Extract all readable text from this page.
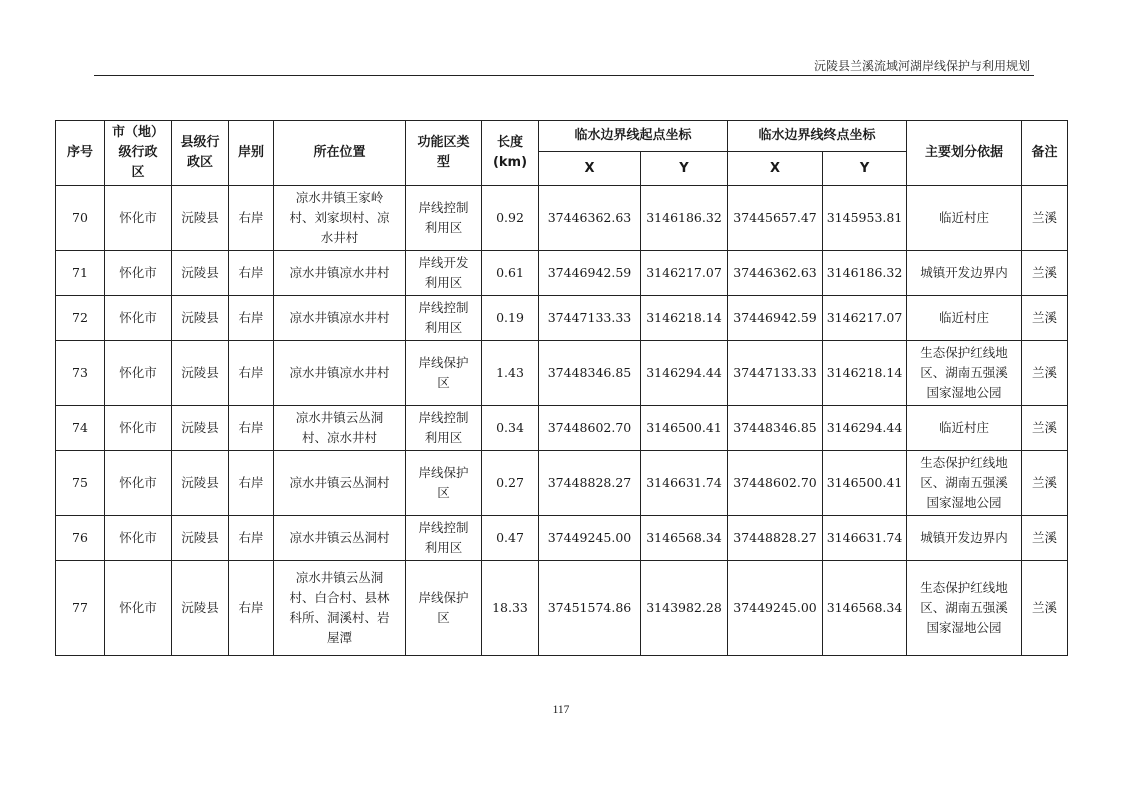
沅陵县兰溪流域河湖岸线保护与利用规划
序号	市（地）
级行政
区	县级行
政区	岸别	所在位置	功能区类
型	长度
(km)	临水边界线起点坐标		临水边界线终点坐标		主要划分依据	备注
							X	Y	X	Y		
70	怀化市	沅陵县	右岸	凉水井镇王家岭
村、刘家坝村、凉
水井村	岸线控制
利用区	0.92	37446362.63	3146186.32	37445657.47	3145953.81	临近村庄	兰溪
71	怀化市	沅陵县	右岸	凉水井镇凉水井村	岸线开发
利用区	0.61	37446942.59	3146217.07	37446362.63	3146186.32	城镇开发边界内	兰溪
72	怀化市	沅陵县	右岸	凉水井镇凉水井村	岸线控制
利用区	0.19	37447133.33	3146218.14	37446942.59	3146217.07	临近村庄	兰溪
73	怀化市	沅陵县	右岸	凉水井镇凉水井村	岸线保护
区	1.43	37448346.85	3146294.44	37447133.33	3146218.14	生态保护红线地
区、湖南五强溪
国家湿地公园	兰溪
74	怀化市	沅陵县	右岸	凉水井镇云丛洞
村、凉水井村	岸线控制
利用区	0.34	37448602.70	3146500.41	37448346.85	3146294.44	临近村庄	兰溪
75	怀化市	沅陵县	右岸	凉水井镇云丛洞村	岸线保护
区	0.27	37448828.27	3146631.74	37448602.70	3146500.41	生态保护红线地
区、湖南五强溪
国家湿地公园	兰溪
76	怀化市	沅陵县	右岸	凉水井镇云丛洞村	岸线控制
利用区	0.47	37449245.00	3146568.34	37448828.27	3146631.74	城镇开发边界内	兰溪
77	怀化市	沅陵县	右岸	凉水井镇云丛洞
村、白合村、县林
科所、洞溪村、岩
屋潭	岸线保护
区	18.33	37451574.86	3143982.28	37449245.00	3146568.34	生态保护红线地
区、湖南五强溪
国家湿地公园	兰溪
117
